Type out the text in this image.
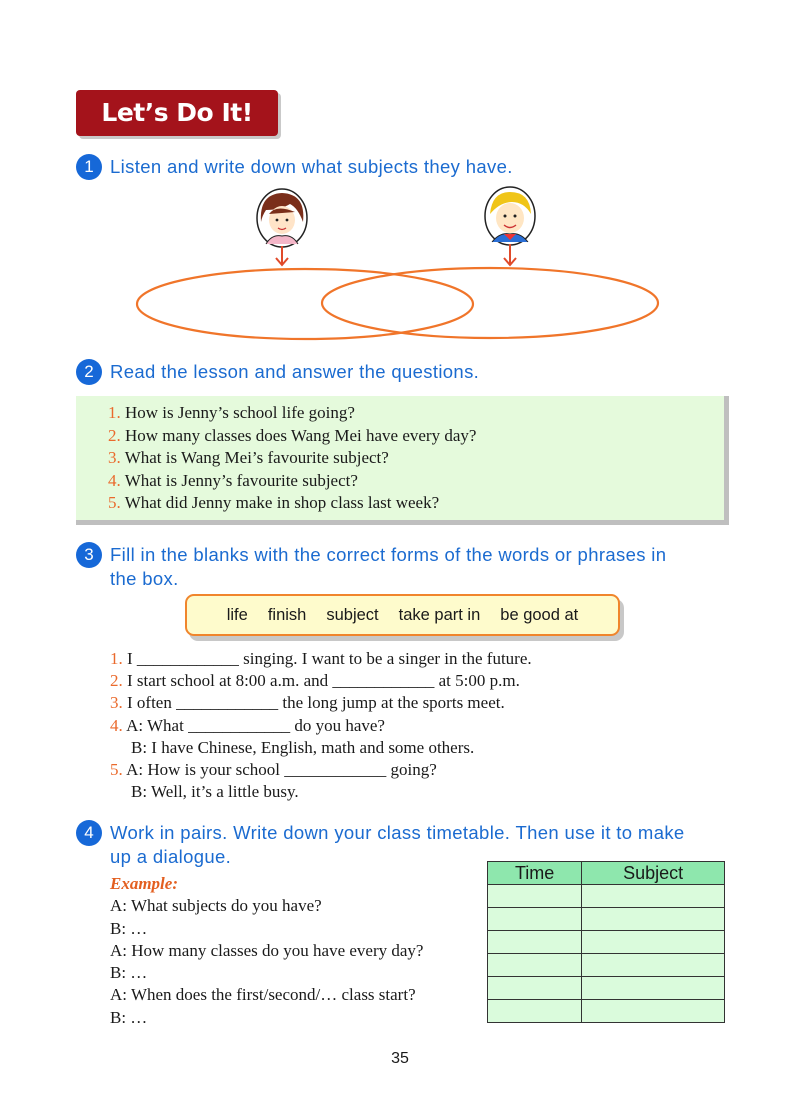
Let’s Do It!
1 Listen and write down what subjects they have.
2 Read the lesson and answer the questions.
1. How is Jenny’s school life going?
2. How many classes does Wang Mei have every day?
3. What is Wang Mei’s favourite subject?
4. What is Jenny’s favourite subject?
5. What did Jenny make in shop class last week?
3 Fill in the blanks with the correct forms of the words or phrases in
the box.
life finish subject take part in be good at
1. I ____________ singing. I want to be a singer in the future.
2. I start school at 8:00 a.m. and ____________ at 5:00 p.m.
3. I often ____________ the long jump at the sports meet.
4. A: What ____________ do you have?
B: I have Chinese, English, math and some others.
5. A: How is your school ____________ going?
B: Well, it’s a little busy.
4 Work in pairs. Write down your class timetable. Then use it to make
up a dialogue.
Example:
A: What subjects do you have?
B: …
A: How many classes do you have every day?
B: …
A: When does the first/second/… class start?
B: …
Time	Subject

35
